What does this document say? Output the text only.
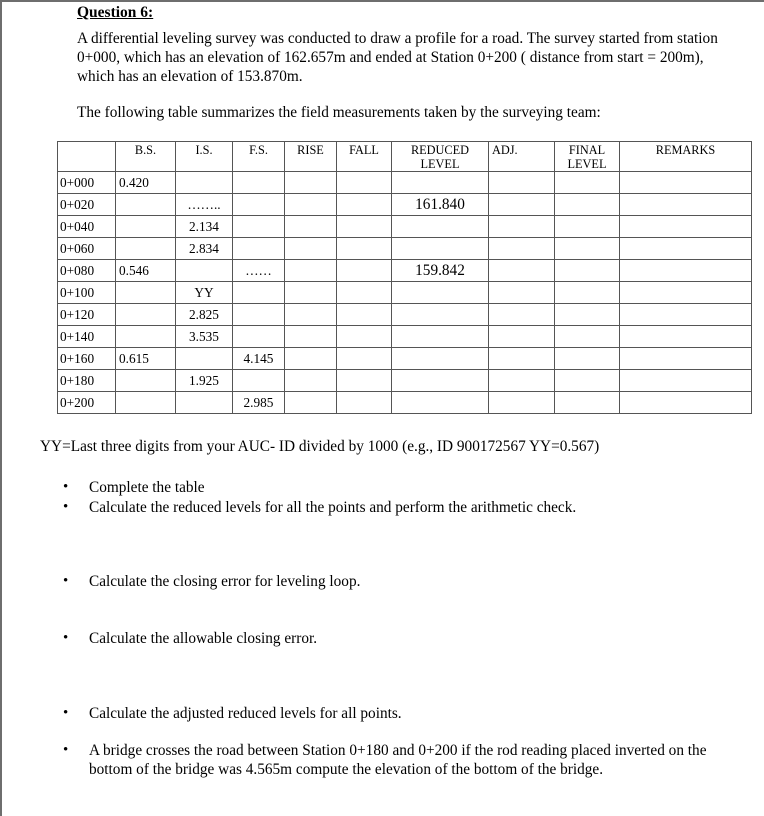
Question 6:
A differential leveling survey was conducted to draw a profile for a road. The survey started from station 0+000, which has an elevation of 162.657m and ended at Station 0+200 ( distance from start = 200m), which has an elevation of 153.870m.
The following table summarizes the field measurements taken by the surveying team:
	B.S.	I.S.	F.S.	RISE	FALL	REDUCED LEVEL	ADJ.	FINAL LEVEL	REMARKS
0+000	0.420								
0+020		……..				161.840			
0+040		2.134							
0+060		2.834							
0+080	0.546		……			159.842			
0+100		YY							
0+120		2.825							
0+140		3.535							
0+160	0.615		4.145						
0+180		1.925							
0+200			2.985						
YY=Last three digits from your AUC- ID divided by 1000 (e.g., ID 900172567 YY=0.567)
• Complete the table
• Calculate the reduced levels for all the points and perform the arithmetic check.
• Calculate the closing error for leveling loop.
• Calculate the allowable closing error.
• Calculate the adjusted reduced levels for all points.
• A bridge crosses the road between Station 0+180 and 0+200 if the rod reading placed inverted on the bottom of the bridge was 4.565m compute the elevation of the bottom of the bridge.
